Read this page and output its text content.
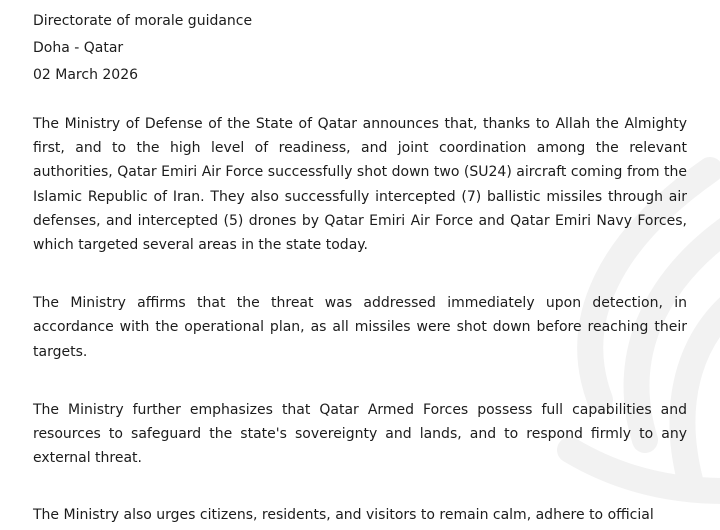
Directorate of morale guidance
Doha - Qatar
02 March 2026

The Ministry of Defense of the State of Qatar announces that, thanks to Allah the Almighty first, and to the high level of readiness, and joint coordination among the relevant authorities, Qatar Emiri Air Force successfully shot down two (SU24) aircraft coming from the Islamic Republic of Iran. They also successfully intercepted (7) ballistic missiles through air defenses, and intercepted (5) drones by Qatar Emiri Air Force and Qatar Emiri Navy Forces, which targeted several areas in the state today.

The Ministry affirms that the threat was addressed immediately upon detection, in accordance with the operational plan, as all missiles were shot down before reaching their targets.

The Ministry further emphasizes that Qatar Armed Forces possess full capabilities and resources to safeguard the state's sovereignty and lands, and to respond firmly to any external threat.

The Ministry also urges citizens, residents, and visitors to remain calm, adhere to official
